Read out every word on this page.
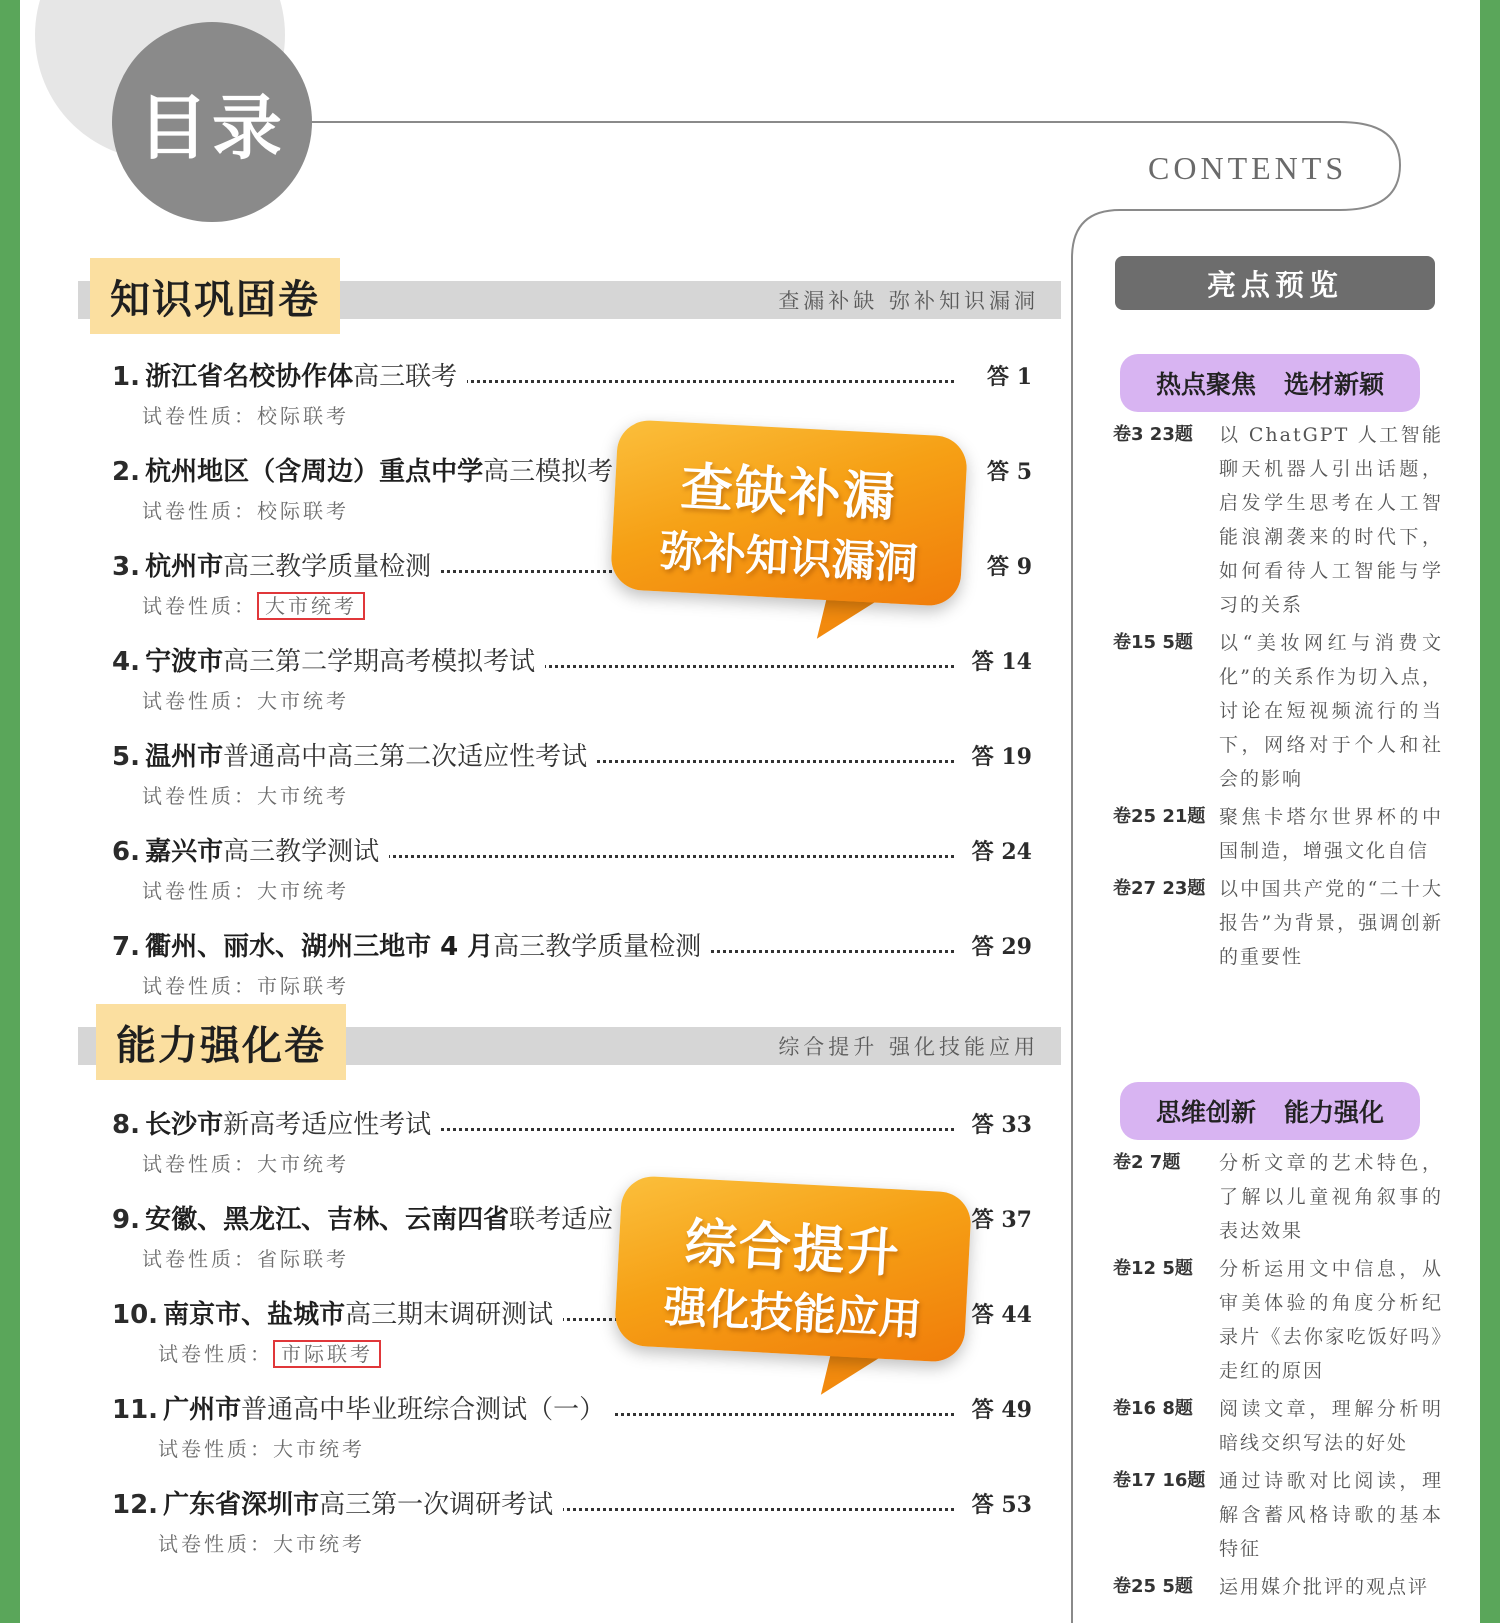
目录	CONTENTS
查漏补缺 弥补知识漏洞
知识巩固卷
1. 浙江省名校协作体高三联考	答 1
试卷性质：校际联考
2. 杭州地区（含周边）重点中学高三模拟考	答 5
试卷性质：校际联考
3. 杭州市高三教学质量检测	答 9
试卷性质： 大市统考
4. 宁波市高三第二学期高考模拟考试	答 14
试卷性质：大市统考
5. 温州市普通高中高三第二次适应性考试	答 19
试卷性质：大市统考
6. 嘉兴市高三教学测试	答 24
试卷性质：大市统考
7. 衢州、丽水、湖州三地市 4 月高三教学质量检测	答 29
试卷性质：市际联考
综合提升 强化技能应用
能力强化卷
8. 长沙市新高考适应性考试	答 33
试卷性质：大市统考
9. 安徽、黑龙江、吉林、云南四省联考适应	答 37
试卷性质：省际联考
10. 南京市、盐城市高三期末调研测试	答 44
试卷性质： 市际联考
11. 广州市普通高中毕业班综合测试（一）	答 49
试卷性质：大市统考
12. 广东省深圳市高三第一次调研考试	答 53
试卷性质：大市统考
查缺补漏
弥补知识漏洞
综合提升
强化技能应用
亮点预览
热点聚焦 选材新颖
卷3 23题	以 ChatGPT 人工智能聊天机器人引出话题，启发学生思考在人工智能浪潮袭来的时代下，如何看待人工智能与学习的关系
卷15 5题	以“美妆网红与消费文化”的关系作为切入点，讨论在短视频流行的当下，网络对于个人和社会的影响
卷25 21题 聚焦卡塔尔世界杯的中国制造，增强文化自信
卷27 23题 以中国共产党的“二十大报告”为背景，强调创新的重要性
思维创新 能力强化
卷2 7题	分析文章的艺术特色，了解以儿童视角叙事的表达效果
卷12 5题	分析运用文中信息，从审美体验的角度分析纪录片《去你家吃饭好吗》走红的原因
卷16 8题	阅读文章，理解分析明暗线交织写法的好处
卷17 16题 通过诗歌对比阅读，理解含蓄风格诗歌的基本特征
卷25 5题	运用媒介批评的观点评
